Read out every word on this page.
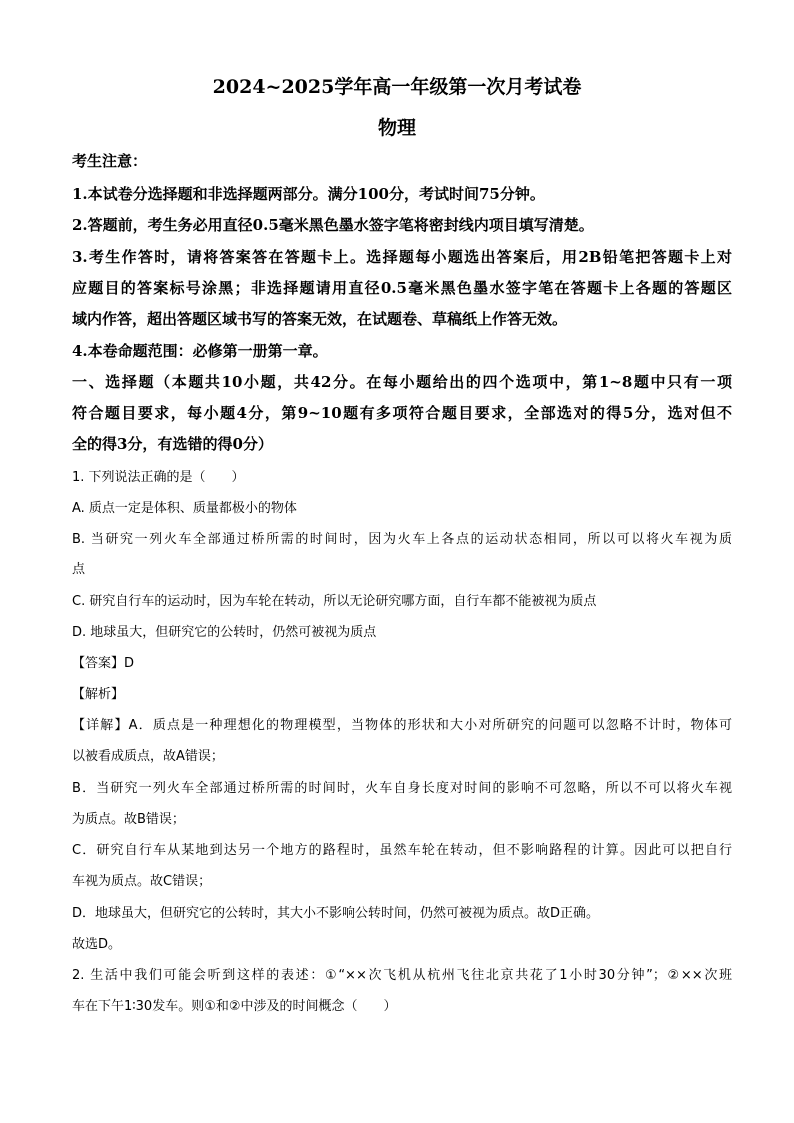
2024~2025学年高一年级第一次月考试卷
物理
考生注意：
1.本试卷分选择题和非选择题两部分。满分100分，考试时间75分钟。
2.答题前，考生务必用直径0.5毫米黑色墨水签字笔将密封线内项目填写清楚。
3.考生作答时，请将答案答在答题卡上。选择题每小题选出答案后，用2B铅笔把答题卡上对
应题目的答案标号涂黑；非选择题请用直径0.5毫米黑色墨水签字笔在答题卡上各题的答题区
域内作答，超出答题区域书写的答案无效，在试题卷、草稿纸上作答无效。
4.本卷命题范围：必修第一册第一章。
一、选择题（本题共10小题，共42分。在每小题给出的四个选项中，第1~8题中只有一项
符合题目要求，每小题4分，第9~10题有多项符合题目要求，全部选对的得5分，选对但不
全的得3分，有选错的得0分）
1. 下列说法正确的是（　　）
A. 质点一定是体积、质量都极小的物体
B. 当研究一列火车全部通过桥所需的时间时，因为火车上各点的运动状态相同，所以可以将火车视为质
点
C. 研究自行车的运动时，因为车轮在转动，所以无论研究哪方面，自行车都不能被视为质点
D. 地球虽大，但研究它的公转时，仍然可被视为质点
【答案】D
【解析】
【详解】A．质点是一种理想化的物理模型，当物体的形状和大小对所研究的问题可以忽略不计时，物体可
以被看成质点，故A错误；
B．当研究一列火车全部通过桥所需的时间时，火车自身长度对时间的影响不可忽略，所以不可以将火车视
为质点。故B错误；
C．研究自行车从某地到达另一个地方的路程时，虽然车轮在转动，但不影响路程的计算。因此可以把自行
车视为质点。故C错误；
D．地球虽大，但研究它的公转时，其大小不影响公转时间，仍然可被视为质点。故D正确。
故选D。
2. 生活中我们可能会听到这样的表述：①“××次飞机从杭州飞往北京共花了1小时30分钟”；②××次班
车在下午1∶30发车。则①和②中涉及的时间概念（　　）
